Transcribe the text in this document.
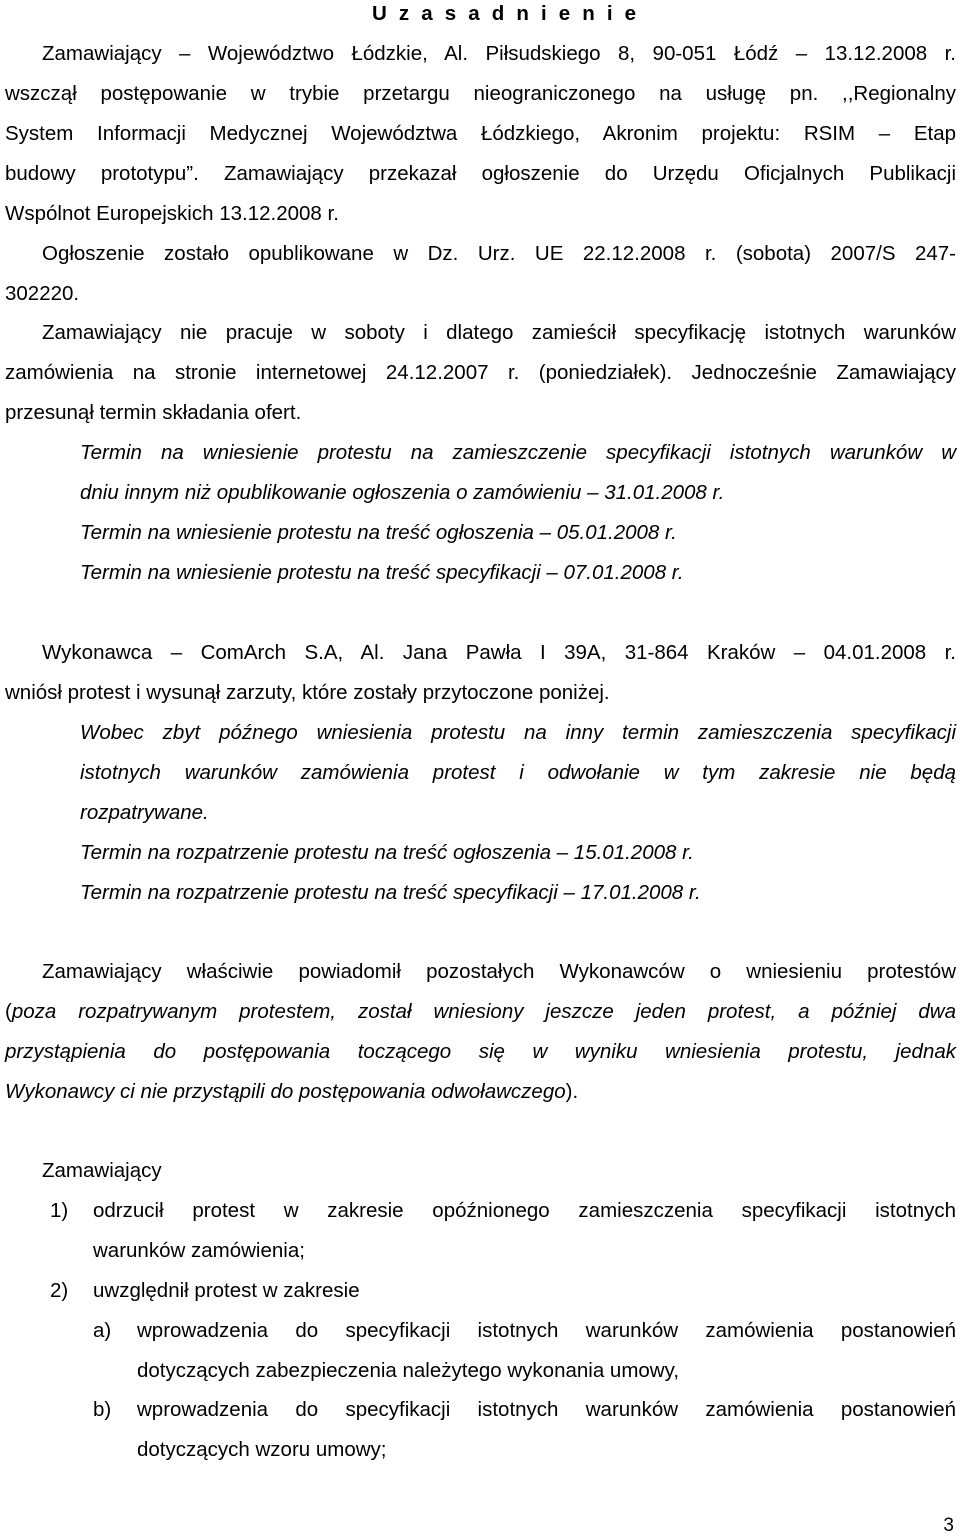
U z a s a d n i e n i e
Zamawiający – Województwo Łódzkie, Al. Piłsudskiego 8, 90-051 Łódź – 13.12.2008 r.
wszczął postępowanie w trybie przetargu nieograniczonego na usługę pn. ,,Regionalny
System Informacji Medycznej Województwa Łódzkiego, Akronim projektu: RSIM – Etap
budowy prototypu”. Zamawiający przekazał ogłoszenie do Urzędu Oficjalnych Publikacji
Wspólnot Europejskich 13.12.2008 r.
Ogłoszenie zostało opublikowane w Dz. Urz. UE 22.12.2008 r. (sobota) 2007/S 247-
302220.
Zamawiający nie pracuje w soboty i dlatego zamieścił specyfikację istotnych warunków
zamówienia na stronie internetowej 24.12.2007 r. (poniedziałek). Jednocześnie Zamawiający
przesunął termin składania ofert.
Termin na wniesienie protestu na zamieszczenie specyfikacji istotnych warunków w
dniu innym niż opublikowanie ogłoszenia o zamówieniu – 31.01.2008 r.
Termin na wniesienie protestu na treść ogłoszenia – 05.01.2008 r.
Termin na wniesienie protestu na treść specyfikacji – 07.01.2008 r.
Wykonawca – ComArch S.A, Al. Jana Pawła I 39A, 31-864 Kraków – 04.01.2008 r.
wniósł protest i wysunął zarzuty, które zostały przytoczone poniżej.
Wobec zbyt późnego wniesienia protestu na inny termin zamieszczenia specyfikacji
istotnych warunków zamówienia protest i odwołanie w tym zakresie nie będą
rozpatrywane.
Termin na rozpatrzenie protestu na treść ogłoszenia – 15.01.2008 r.
Termin na rozpatrzenie protestu na treść specyfikacji – 17.01.2008 r.
Zamawiający właściwie powiadomił pozostałych Wykonawców o wniesieniu protestów
(poza rozpatrywanym protestem, został wniesiony jeszcze jeden protest, a później dwa
przystąpienia do postępowania toczącego się w wyniku wniesienia protestu, jednak
Wykonawcy ci nie przystąpili do postępowania odwoławczego).
Zamawiający
1) odrzucił protest w zakresie opóźnionego zamieszczenia specyfikacji istotnych
warunków zamówienia;
2) uwzględnił protest w zakresie
a) wprowadzenia do specyfikacji istotnych warunków zamówienia postanowień
dotyczących zabezpieczenia należytego wykonania umowy,
b) wprowadzenia do specyfikacji istotnych warunków zamówienia postanowień
dotyczących wzoru umowy;
3
